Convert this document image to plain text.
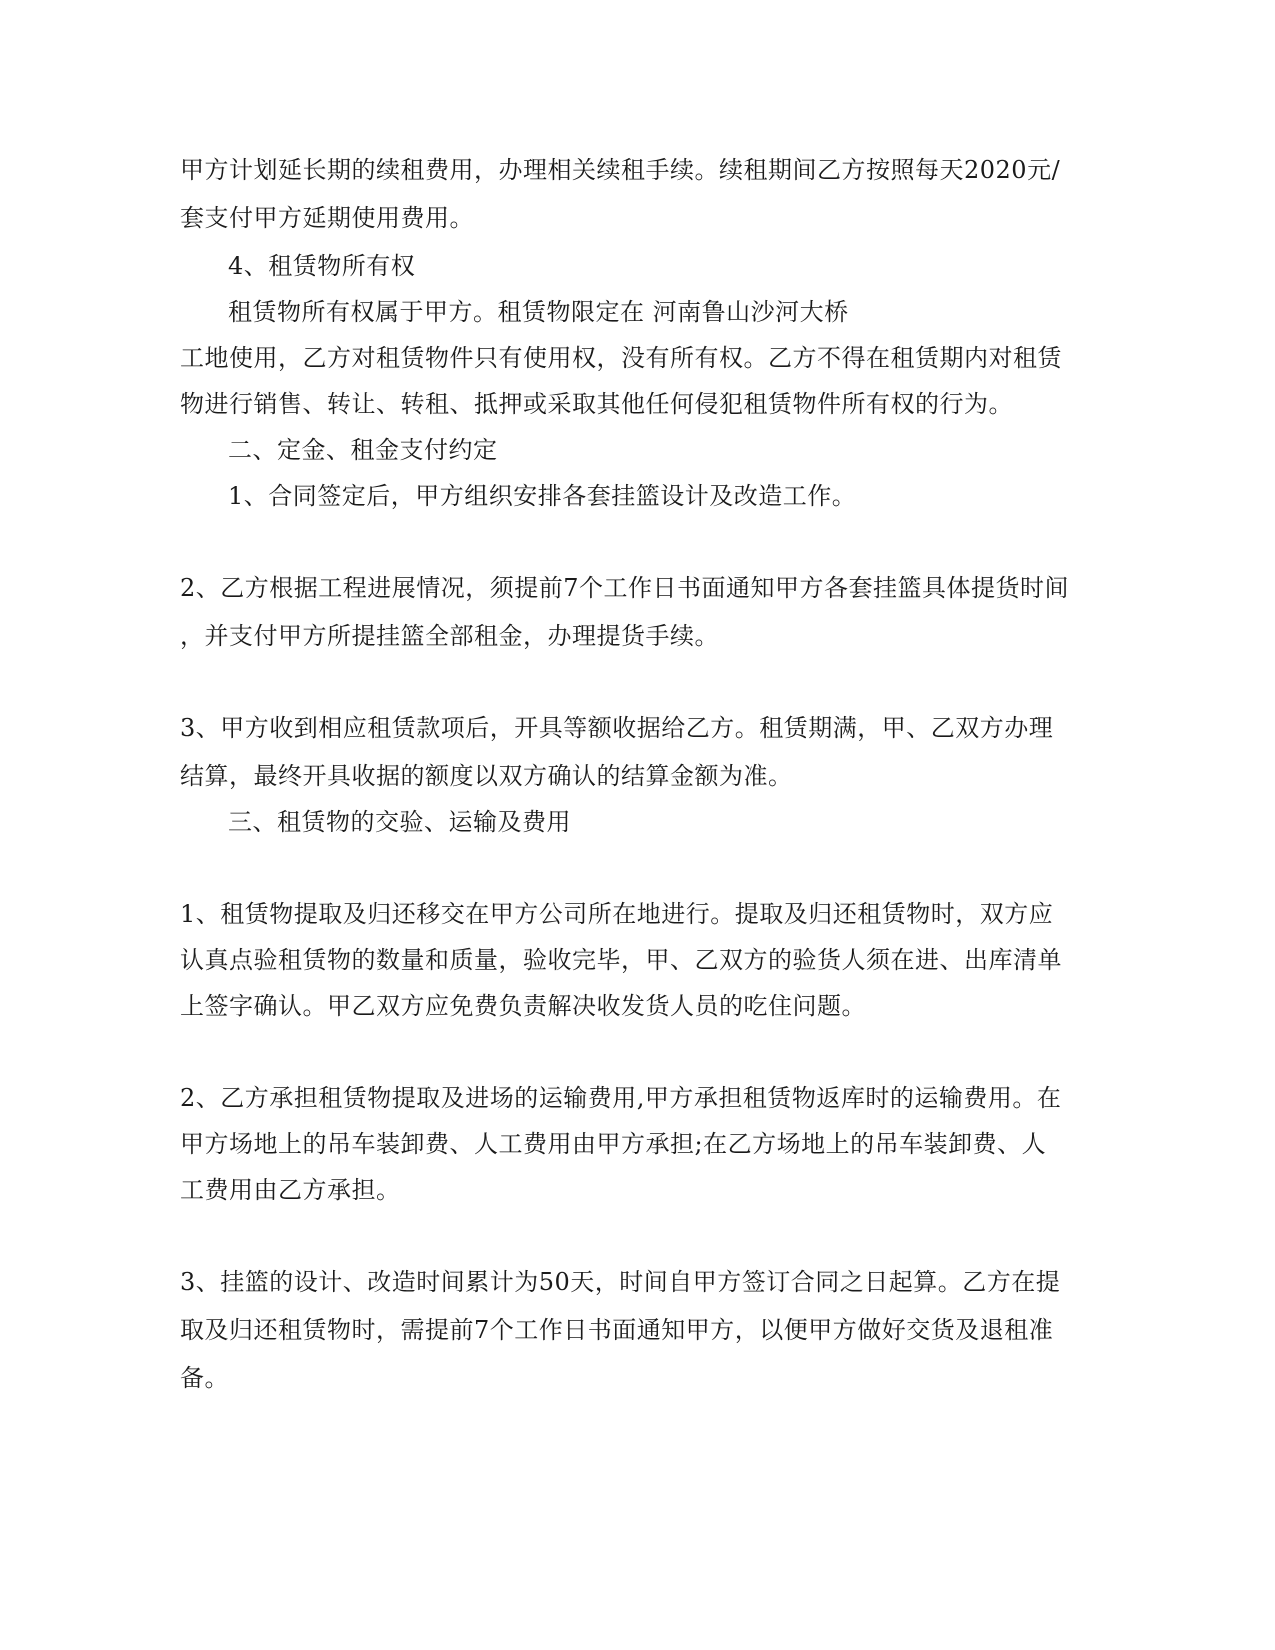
甲方计划延长期的续租费用，办理相关续租手续。续租期间乙方按照每天2020元/
套支付甲方延期使用费用。
4、租赁物所有权
租赁物所有权属于甲方。租赁物限定在 河南鲁山沙河大桥
工地使用，乙方对租赁物件只有使用权，没有所有权。乙方不得在租赁期内对租赁
物进行销售、转让、转租、抵押或采取其他任何侵犯租赁物件所有权的行为。
二、定金、租金支付约定
1、合同签定后，甲方组织安排各套挂篮设计及改造工作。
2、乙方根据工程进展情况，须提前7个工作日书面通知甲方各套挂篮具体提货时间
，并支付甲方所提挂篮全部租金，办理提货手续。
3、甲方收到相应租赁款项后，开具等额收据给乙方。租赁期满，甲、乙双方办理
结算，最终开具收据的额度以双方确认的结算金额为准。
三、租赁物的交验、运输及费用
1、租赁物提取及归还移交在甲方公司所在地进行。提取及归还租赁物时，双方应
认真点验租赁物的数量和质量，验收完毕，甲、乙双方的验货人须在进、出库清单
上签字确认。甲乙双方应免费负责解决收发货人员的吃住问题。
2、乙方承担租赁物提取及进场的运输费用,甲方承担租赁物返库时的运输费用。在
甲方场地上的吊车装卸费、人工费用由甲方承担;在乙方场地上的吊车装卸费、人
工费用由乙方承担。
3、挂篮的设计、改造时间累计为50天，时间自甲方签订合同之日起算。乙方在提
取及归还租赁物时，需提前7个工作日书面通知甲方，以便甲方做好交货及退租准
备。
